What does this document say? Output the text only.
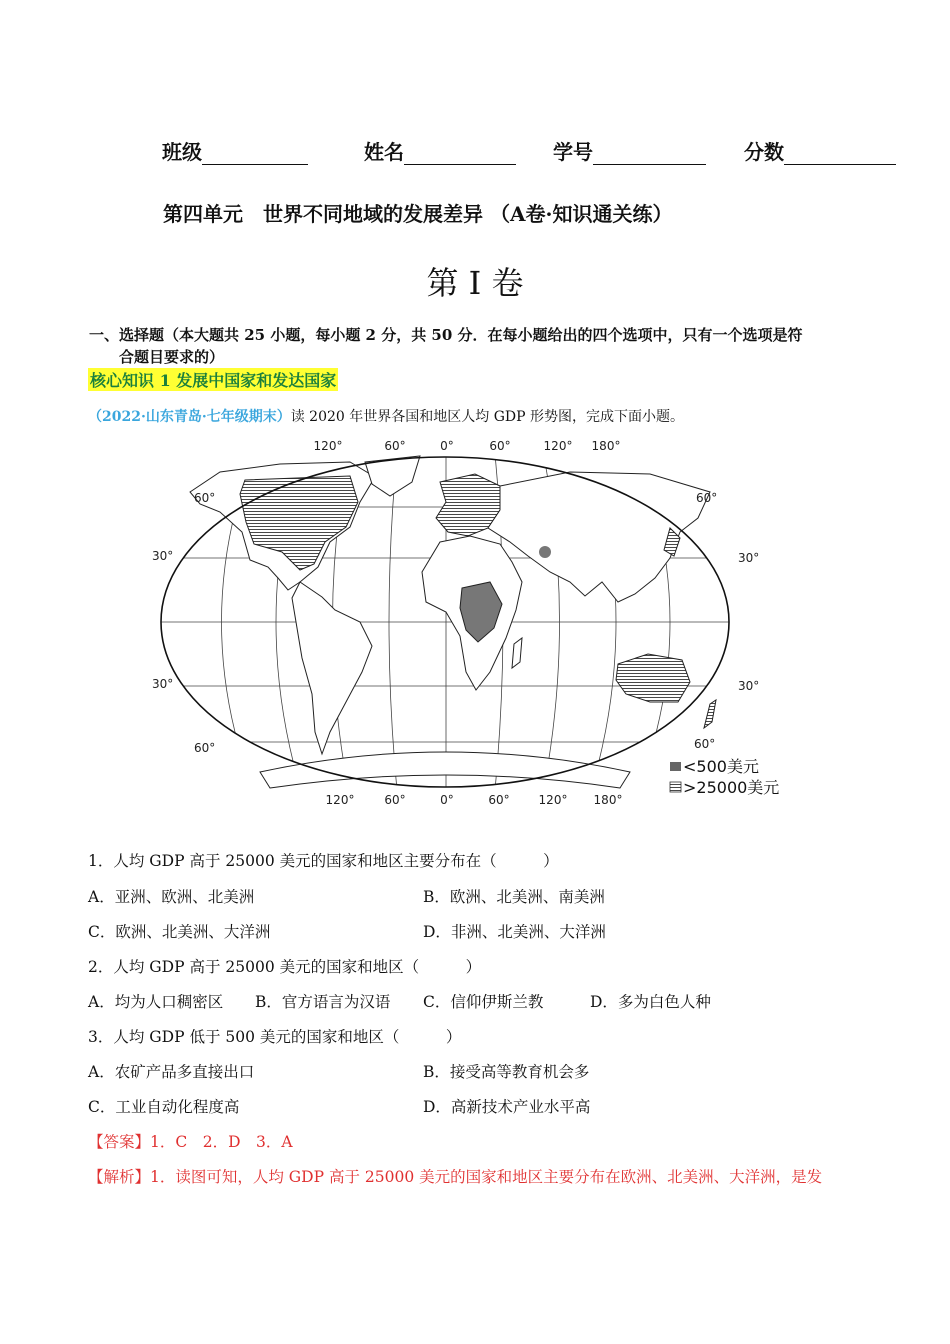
班级	姓名	学号	分数
第四单元　世界不同地域的发展差异 （A卷·知识通关练）
第 I 卷
一、选择题（本大题共 25 小题，每小题 2 分，共 50 分．在每小题给出的四个选项中，只有一个选项是符
合题目要求的）
核心知识 1 发展中国家和发达国家
（2022·山东青岛·七年级期末）读 2020 年世界各国和地区人均 GDP 形势图，完成下面小题。
120°	60°	0°	60°	120° 180°
120° 60°	0°	60° 120° 180°
60°
30°
30°
60°
60°
30°
30°
60°
<500美元
>25000美元
1．人均 GDP 高于 25000 美元的国家和地区主要分布在（　　　）
A．亚洲、欧洲、北美洲	B．欧洲、北美洲、南美洲
C．欧洲、北美洲、大洋洲	D．非洲、北美洲、大洋洲
2．人均 GDP 高于 25000 美元的国家和地区（　　　）
A．均为人口稠密区 B．官方语言为汉语 C．信仰伊斯兰教	D．多为白色人种
3．人均 GDP 低于 500 美元的国家和地区（　　　）
A．农矿产品多直接出口	B．接受高等教育机会多
C．工业自动化程度高	D．高新技术产业水平高
【答案】1．C　2．D　3．A
【解析】1．读图可知，人均 GDP 高于 25000 美元的国家和地区主要分布在欧洲、北美洲、大洋洲，是发
